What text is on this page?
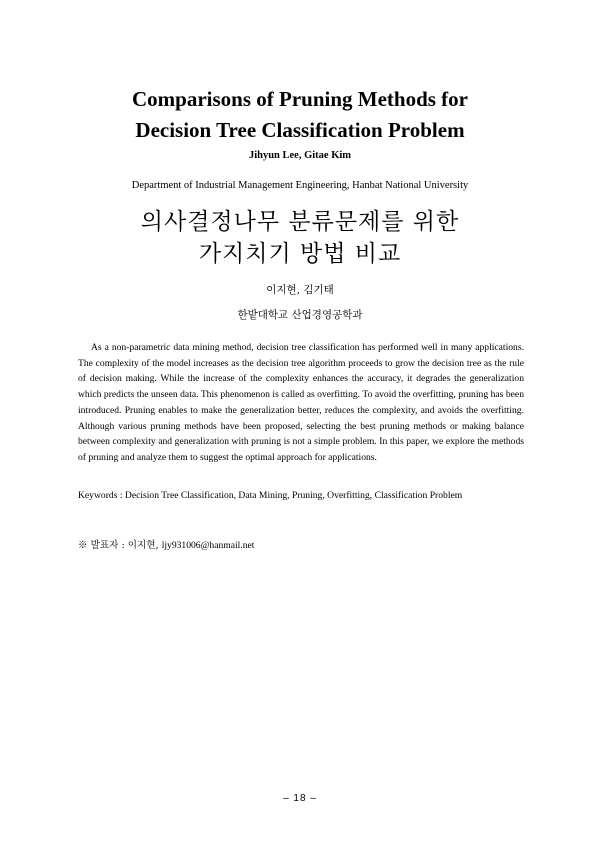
Comparisons of Pruning Methods for
Decision Tree Classification Problem
Jihyun Lee, Gitae Kim
Department of Industrial Management Engineering, Hanbat National University
의사결정나무 분류문제를 위한
가지치기 방법 비교
이지현, 김기태
한밭대학교 산업경영공학과

As a non-parametric data mining method, decision tree classification has performed well in many applications. The complexity of the model increases as the decision tree algorithm proceeds to grow the decision tree as the rule of decision making. While the increase of the complexity enhances the accuracy, it degrades the generalization which predicts the unseen data. This phenomenon is called as overfitting. To avoid the overfitting, pruning has been introduced. Pruning enables to make the generalization better, reduces the complexity, and avoids the overfitting. Although various pruning methods have been proposed, selecting the best pruning methods or making balance between complexity and generalization with pruning is not a simple problem. In this paper, we explore the methods of pruning and analyze them to suggest the optimal approach for applications.

Keywords : Decision Tree Classification, Data Mining, Pruning, Overfitting, Classification Problem
※ 발표자 : 이지현, ljy931006@hanmail.net
– 18 –
